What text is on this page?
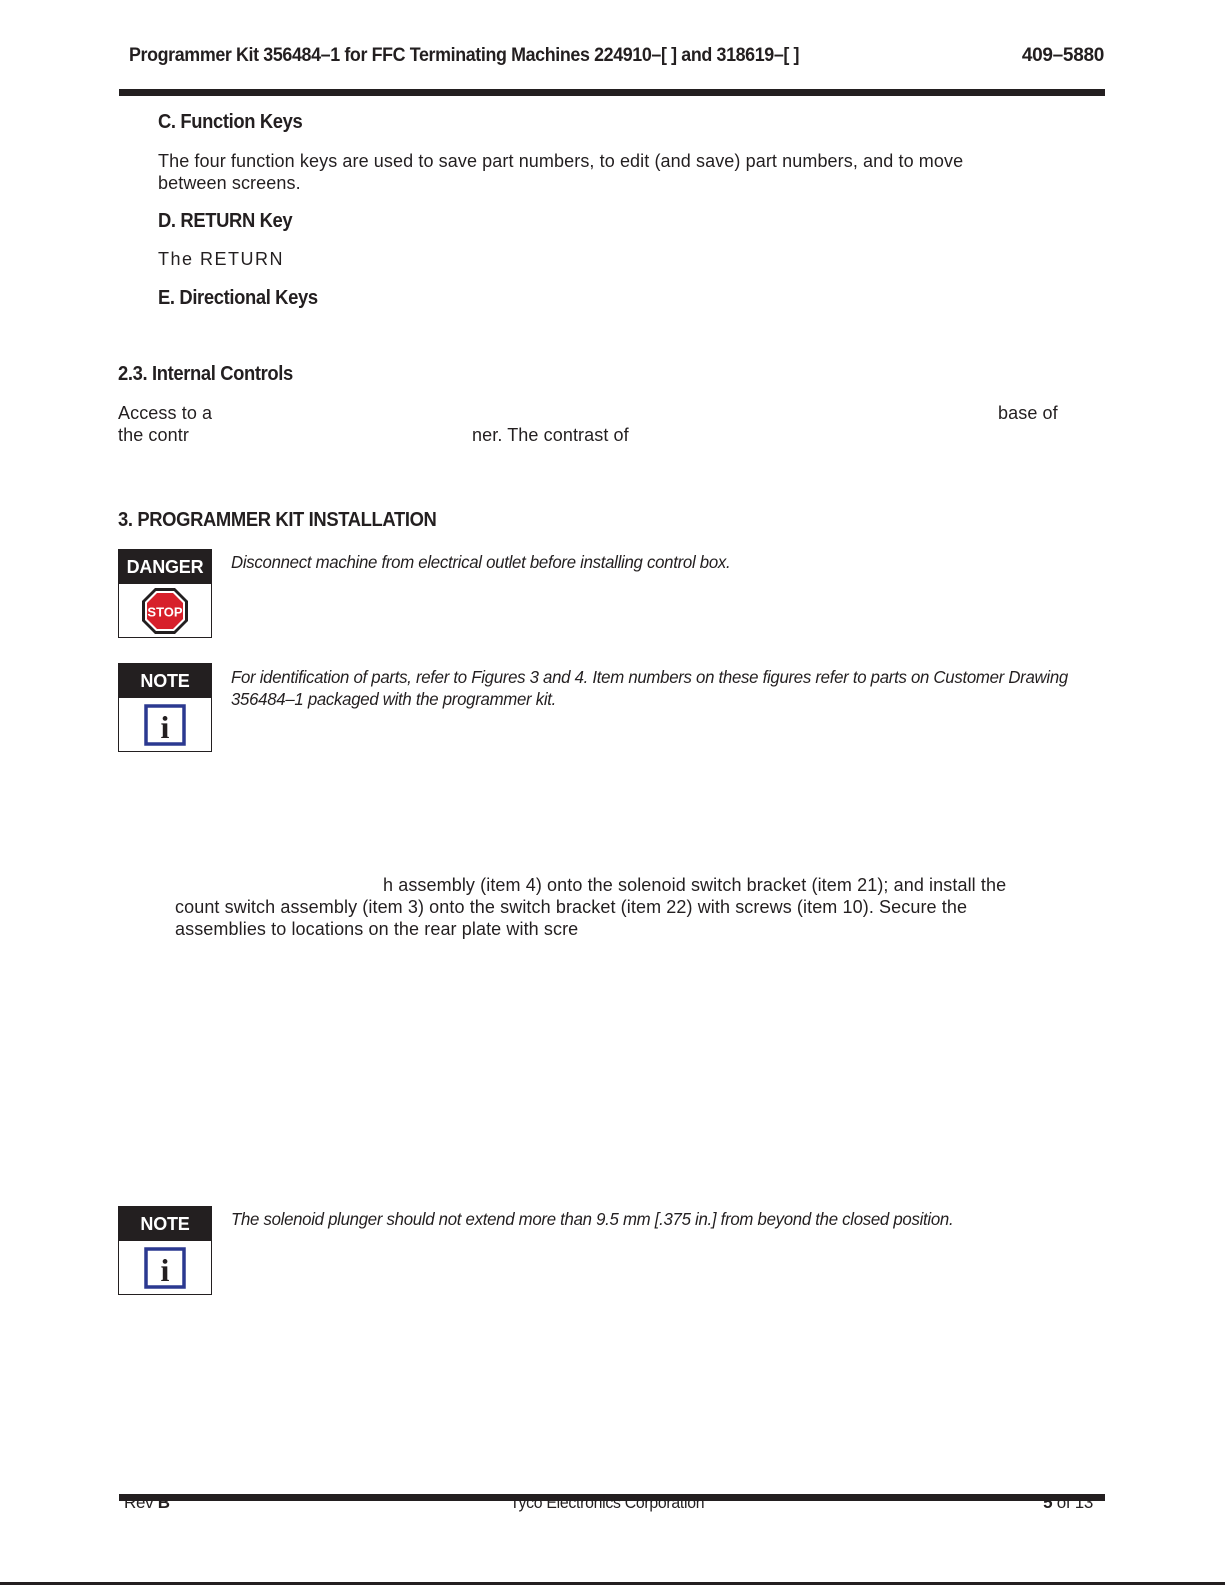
Programmer Kit 356484–1 for FFC Terminating Machines 224910–[ ] and 318619–[ ]	409–5880
C. Function Keys
The four function keys are used to save part numbers, to edit (and save) part numbers, and to move
between screens.
D. RETURN Key
The RETURN
E. Directional Keys
2.3. Internal Controls
Access to a	base of
the contr	ner. The contrast of
3. PROGRAMMER KIT INSTALLATION
DANGER
STOP
Disconnect machine from electrical outlet before installing control box.
NOTE
i
For identification of parts, refer to Figures 3 and 4. Item numbers on these figures refer to parts on Customer Drawing
356484–1 packaged with the programmer kit.
h assembly (item 4) onto the solenoid switch bracket (item 21); and install the
count switch assembly (item 3) onto the switch bracket (item 22) with screws (item 10). Secure the
assemblies to locations on the rear plate with scre
NOTE
i
The solenoid plunger should not extend more than 9.5 mm [.375 in.] from beyond the closed position.
Rev B	Tyco Electronics Corporation	5 of 13
